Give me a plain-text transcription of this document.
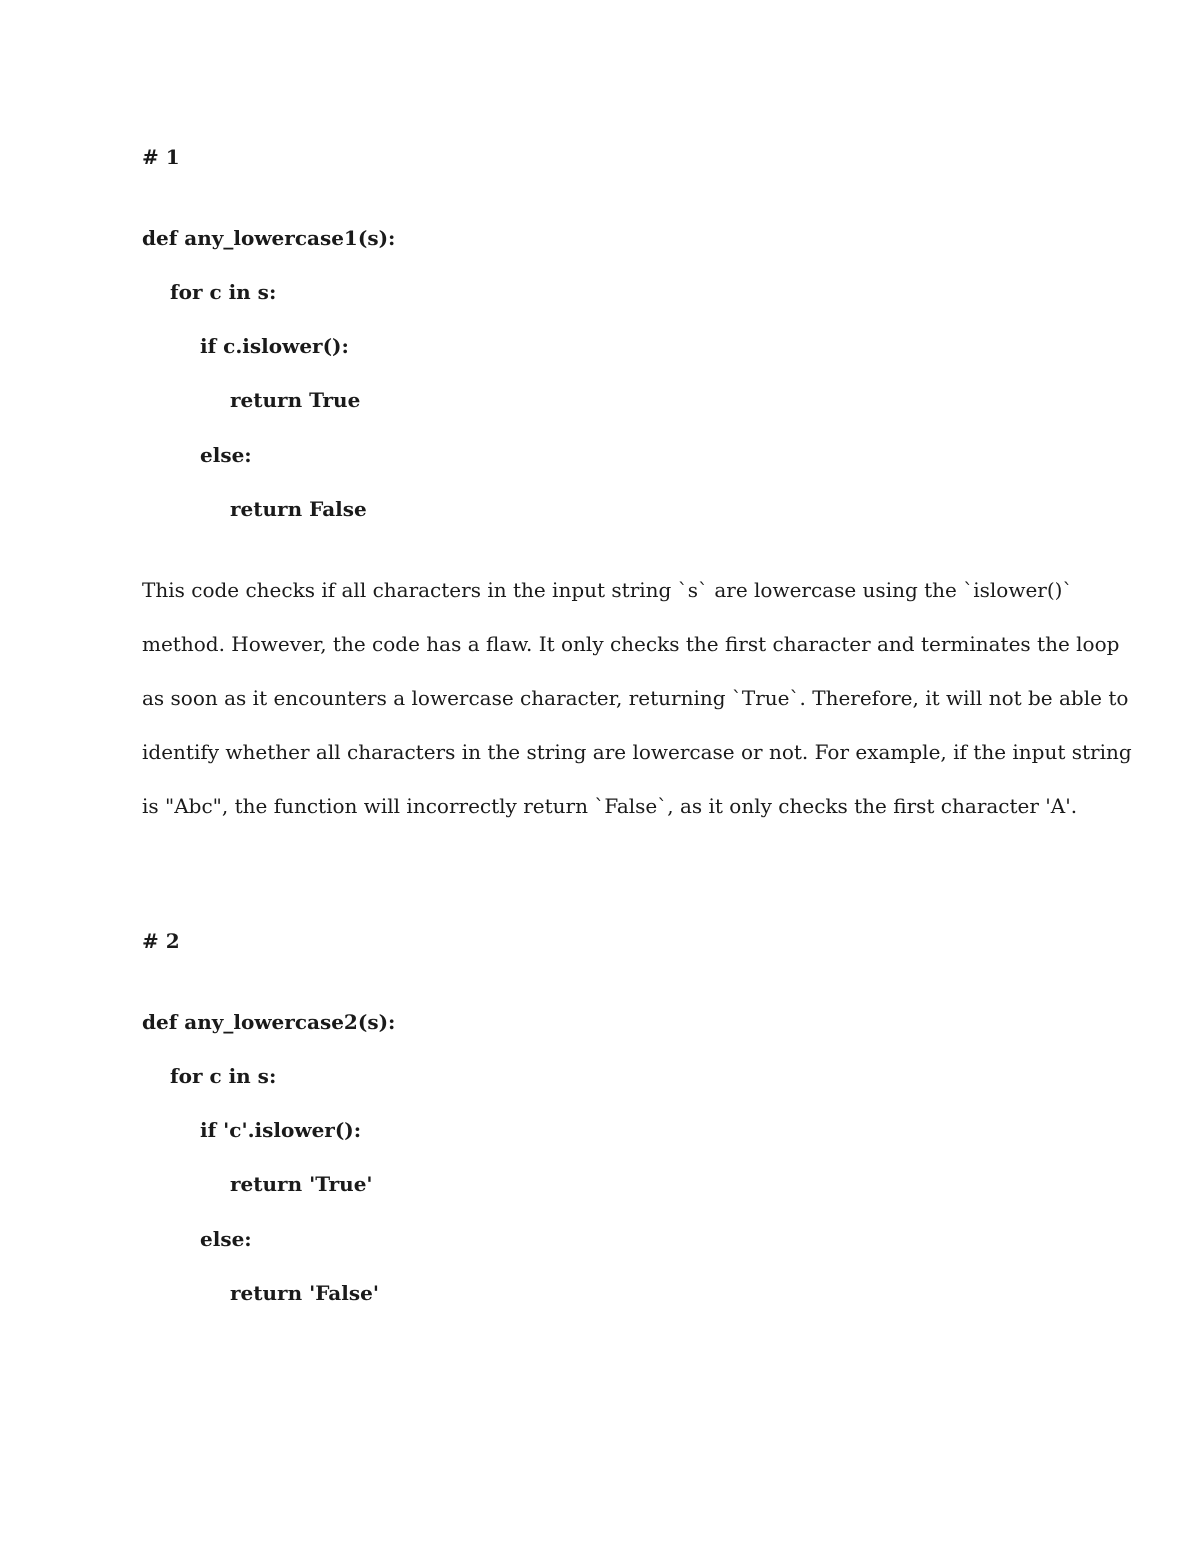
# 1
def any_lowercase1(s):
for c in s:
if c.islower():
return True
else:
return False
This code checks if all characters in the input string `s` are lowercase using the `islower()`
method. However, the code has a flaw. It only checks the first character and terminates the loop
as soon as it encounters a lowercase character, returning `True`. Therefore, it will not be able to
identify whether all characters in the string are lowercase or not. For example, if the input string
is "Abc", the function will incorrectly return `False`, as it only checks the first character 'A'.
# 2
def any_lowercase2(s):
for c in s:
if 'c'.islower():
return 'True'
else:
return 'False'
